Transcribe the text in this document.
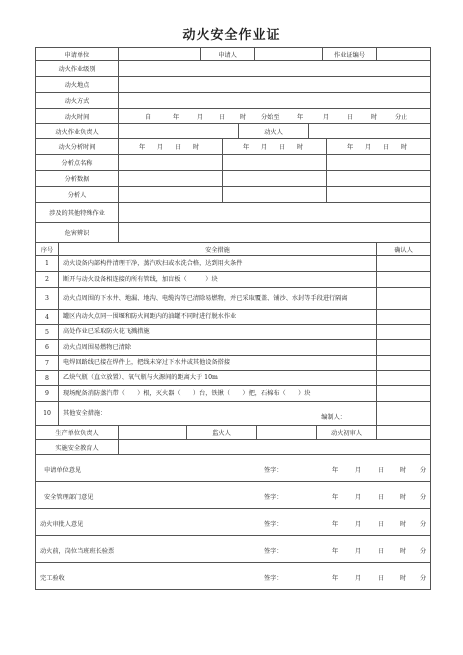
动火安全作业证
申请单位	申请人	作业证编号
动火作业级别
动火地点
动火方式
动火时间	自	年	月	日 时 分始至	年	月	日	时	分止
动火作业负责人	动火人
动火分析时间	年 月 日 时	年 月 日 时	年 月 日 时
分析点名称
分析数据
分析人
涉及的其他特殊作业
危害辨识
序号	安全措施	确认人
1	动火设备内部构件清理干净，蒸汽吹扫或水洗合格，达到用火条件
2	断开与动火设备相连接的所有管线，加盲板（　　　）块
3	动火点周围的下水井、地漏、地沟、电缆沟等已清除易燃物，并已采取覆盖、铺沙、水封等手段进行隔离
4	罐区内动火点同一围堰和防火间距内的油罐不同时进行脱水作业
5	高处作业已采取防火花飞溅措施
6	动火点周围易燃物已清除
7	电焊回路线已接在焊件上，把线未穿过下水井或其他设备搭接
8	乙炔气瓶（直立放置）、氧气瓶与火源间的距离大于 10m
9	现场配备消防蒸汽带（　　）根，灭火器（　　）台，铁锹（　　）把，石棉布（　　）块
10	其他安全措施：
编制人：
生产单位负责人	监火人	动火初审人
实施安全教育人
申请单位意见	签字：	年	月	日	时 分
安全管理部门意见	签字：	年	月	日	时 分
动火审批人意见	签字：	年	月	日	时 分
动火前，岗位当班班长验票	签字：	年	月	日	时 分
完工验收	签字：	年	月	日	时 分
